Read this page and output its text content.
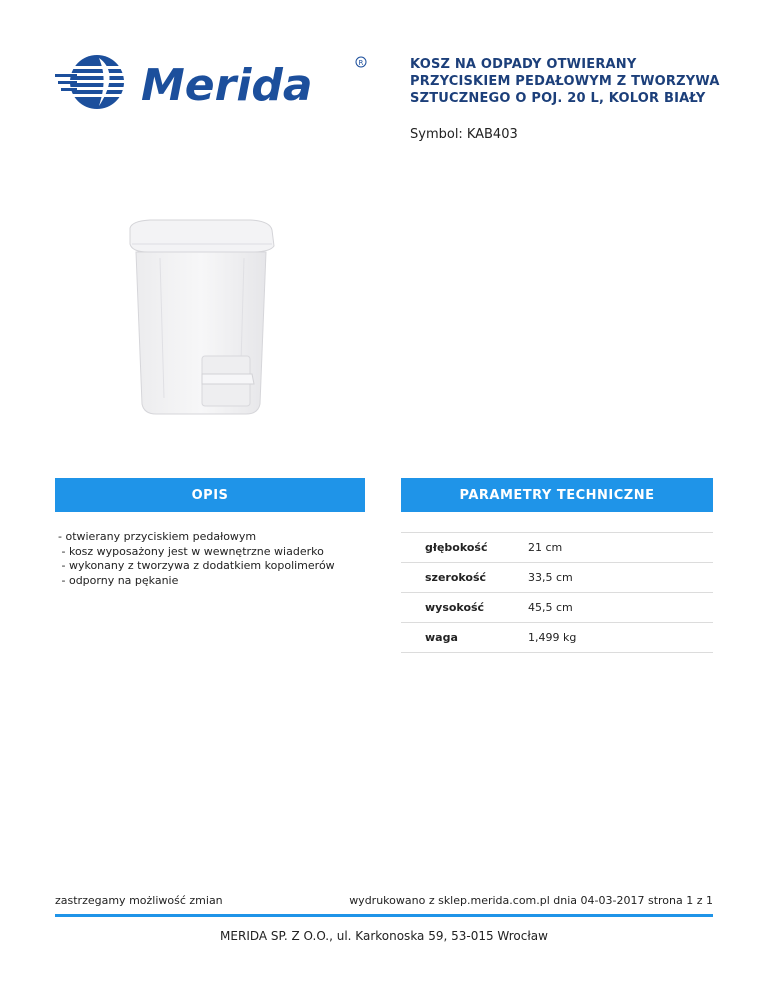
Merida	R	KOSZ NA ODPADY OTWIERANY PRZYCISKIEM PEDAŁOWYM Z TWORZYWA SZTUCZNEGO O POJ. 20 L, KOLOR BIAŁY
Symbol: KAB403
OPIS	PARAMETRY TECHNICZNE
- otwierany przyciskiem pedałowym
- kosz wyposażony jest w wewnętrzne wiaderko
- wykonany z tworzywa z dodatkiem kopolimerów
- odporny na pękanie
głębokość	21 cm
szerokość	33,5 cm
wysokość	45,5 cm
waga	1,499 kg
zastrzegamy możliwość zmian	wydrukowano z sklep.merida.com.pl dnia 04-03-2017 strona 1 z 1
MERIDA SP. Z O.O., ul. Karkonoska 59, 53-015 Wrocław
